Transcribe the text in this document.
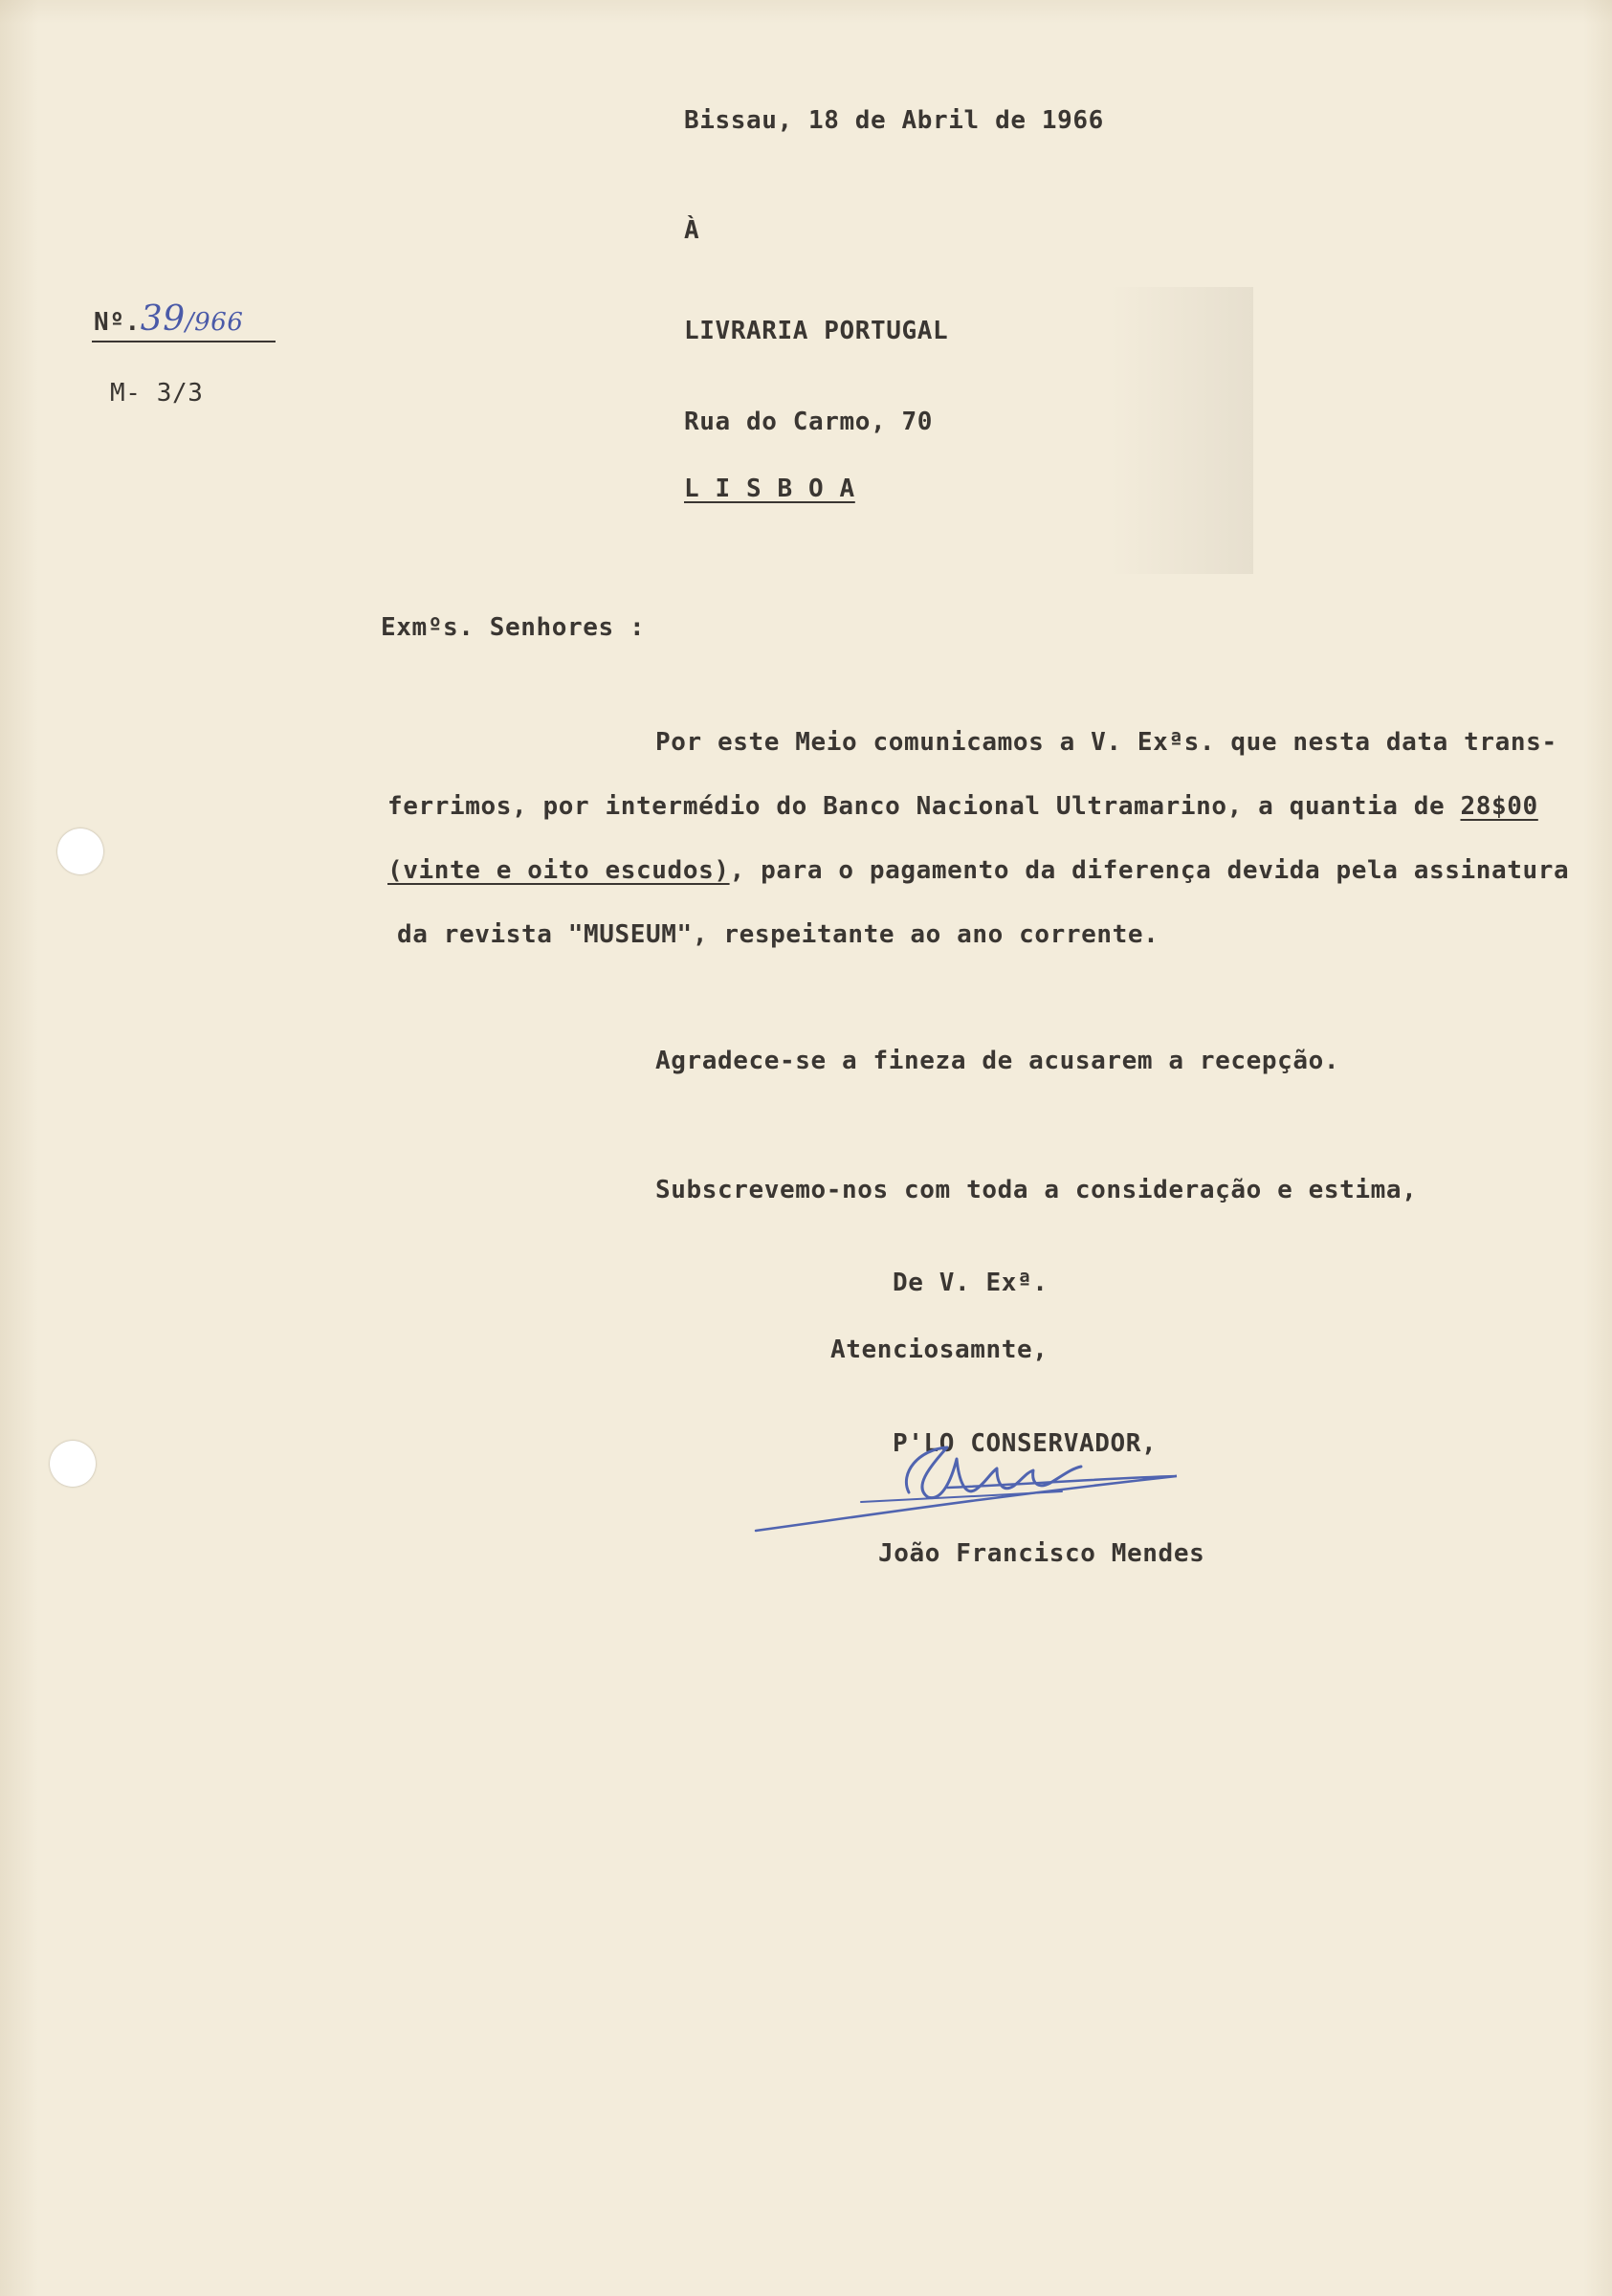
Bissau, 18 de Abril de 1966
À
Nº.39/966
M- 3/3
LIVRARIA PORTUGAL
Rua do Carmo, 70
L I S B O A
Exmºs. Senhores :
Por este Meio comunicamos a V. Exªs. que nesta data trans-
ferrimos, por intermédio do Banco Nacional Ultramarino, a quantia de 28$00
(vinte e oito escudos), para o pagamento da diferença devida pela assinatura
da revista "MUSEUM", respeitante ao ano corrente.
Agradece-se a fineza de acusarem a recepção.
Subscrevemo-nos com toda a consideração e estima,
De V. Exª.
Atenciosamnte,
P'LO CONSERVADOR,
João Francisco Mendes
